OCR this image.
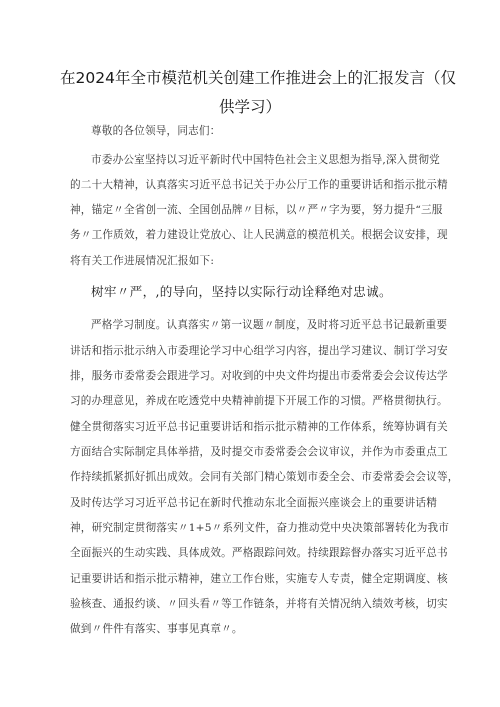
在2024年全市模范机关创建工作推进会上的汇报发言（仅
供学习）
尊敬的各位领导，同志们：
市委办公室坚持以习近平新时代中国特色社会主义思想为指导,深入贯彻党
的二十大精神，认真落实习近平总书记关于办公厅工作的重要讲话和指示批示精
神，锚定〃全省创一流、全国创品牌〃目标，以〃严〃字为要，努力提升“三服
务〃工作质效，着力建设让党放心、让人民满意的模范机关。根据会议安排，现
将有关工作进展情况汇报如下:
树牢〃严，,的导向，坚持以实际行动诠释绝对忠诚。
严格学习制度。认真落实〃第一议题〃制度，及时将习近平总书记最新重要
讲话和指示批示纳入市委理论学习中心组学习内容，提出学习建议、制订学习安
排，服务市委常委会跟进学习。对收到的中央文件均提出市委常委会会议传达学
习的办理意见，养成在吃透党中央精神前提下开展工作的习惯。严格贯彻执行。
健全贯彻落实习近平总书记重要讲话和指示批示精神的工作体系，统筹协调有关
方面结合实际制定具体举措，及时提交市委常委会会议审议，并作为市委重点工
作持续抓紧抓好抓出成效。会同有关部门精心策划市委全会、市委常委会会议等，
及时传达学习习近平总书记在新时代推动东北全面振兴座谈会上的重要讲话精
神，研究制定贯彻落实〃1+5〃系列文件，奋力推动党中央决策部署转化为我市
全面振兴的生动实践、具体成效。严格跟踪问效。持续跟踪督办落实习近平总书
记重要讲话和指示批示精神，建立工作台账，实施专人专责，健全定期调度、核
验核查、通报约谈、〃回头看〃等工作链条，并将有关情况纳入绩效考核，切实
做到〃件件有落实、事事见真章〃。
